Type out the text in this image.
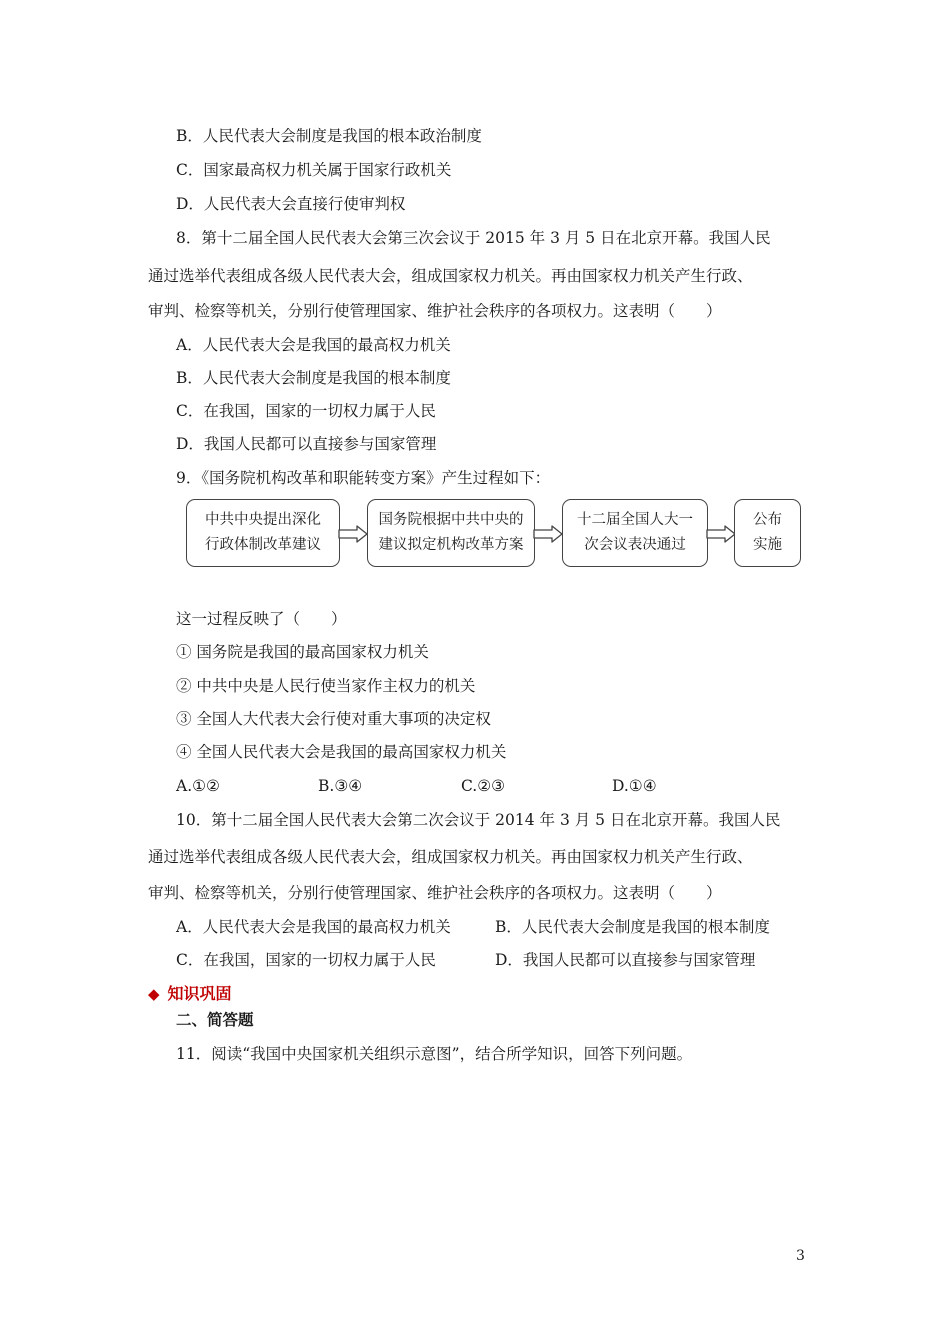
B．人民代表大会制度是我国的根本政治制度
C．国家最高权力机关属于国家行政机关
D．人民代表大会直接行使审判权
8．第十二届全国人民代表大会第三次会议于 2015 年 3 月 5 日在北京开幕。我国人民
通过选举代表组成各级人民代表大会，组成国家权力机关。再由国家权力机关产生行政、
审判、检察等机关，分别行使管理国家、维护社会秩序的各项权力。这表明（　　）
A．人民代表大会是我国的最高权力机关
B．人民代表大会制度是我国的根本制度
C．在我国，国家的一切权力属于人民
D．我国人民都可以直接参与国家管理
9．《国务院机构改革和职能转变方案》产生过程如下：
中共中央提出深化
行政体制改革建议
国务院根据中共中央的
建议拟定机构改革方案
十二届全国人大一
次会议表决通过
公布
实施
这一过程反映了（　　）
① 国务院是我国的最高国家权力机关
② 中共中央是人民行使当家作主权力的机关
③ 全国人大代表大会行使对重大事项的决定权
④ 全国人民代表大会是我国的最高国家权力机关
A.①②	B.③④	C.②③	D.①④
10．第十二届全国人民代表大会第二次会议于 2014 年 3 月 5 日在北京开幕。我国人民
通过选举代表组成各级人民代表大会，组成国家权力机关。再由国家权力机关产生行政、
审判、检察等机关，分别行使管理国家、维护社会秩序的各项权力。这表明（　　）
A．人民代表大会是我国的最高权力机关	B．人民代表大会制度是我国的根本制度
C．在我国，国家的一切权力属于人民	D．我国人民都可以直接参与国家管理
◆ 知识巩固
二、简答题
11．阅读“我国中央国家机关组织示意图”，结合所学知识，回答下列问题。
3
